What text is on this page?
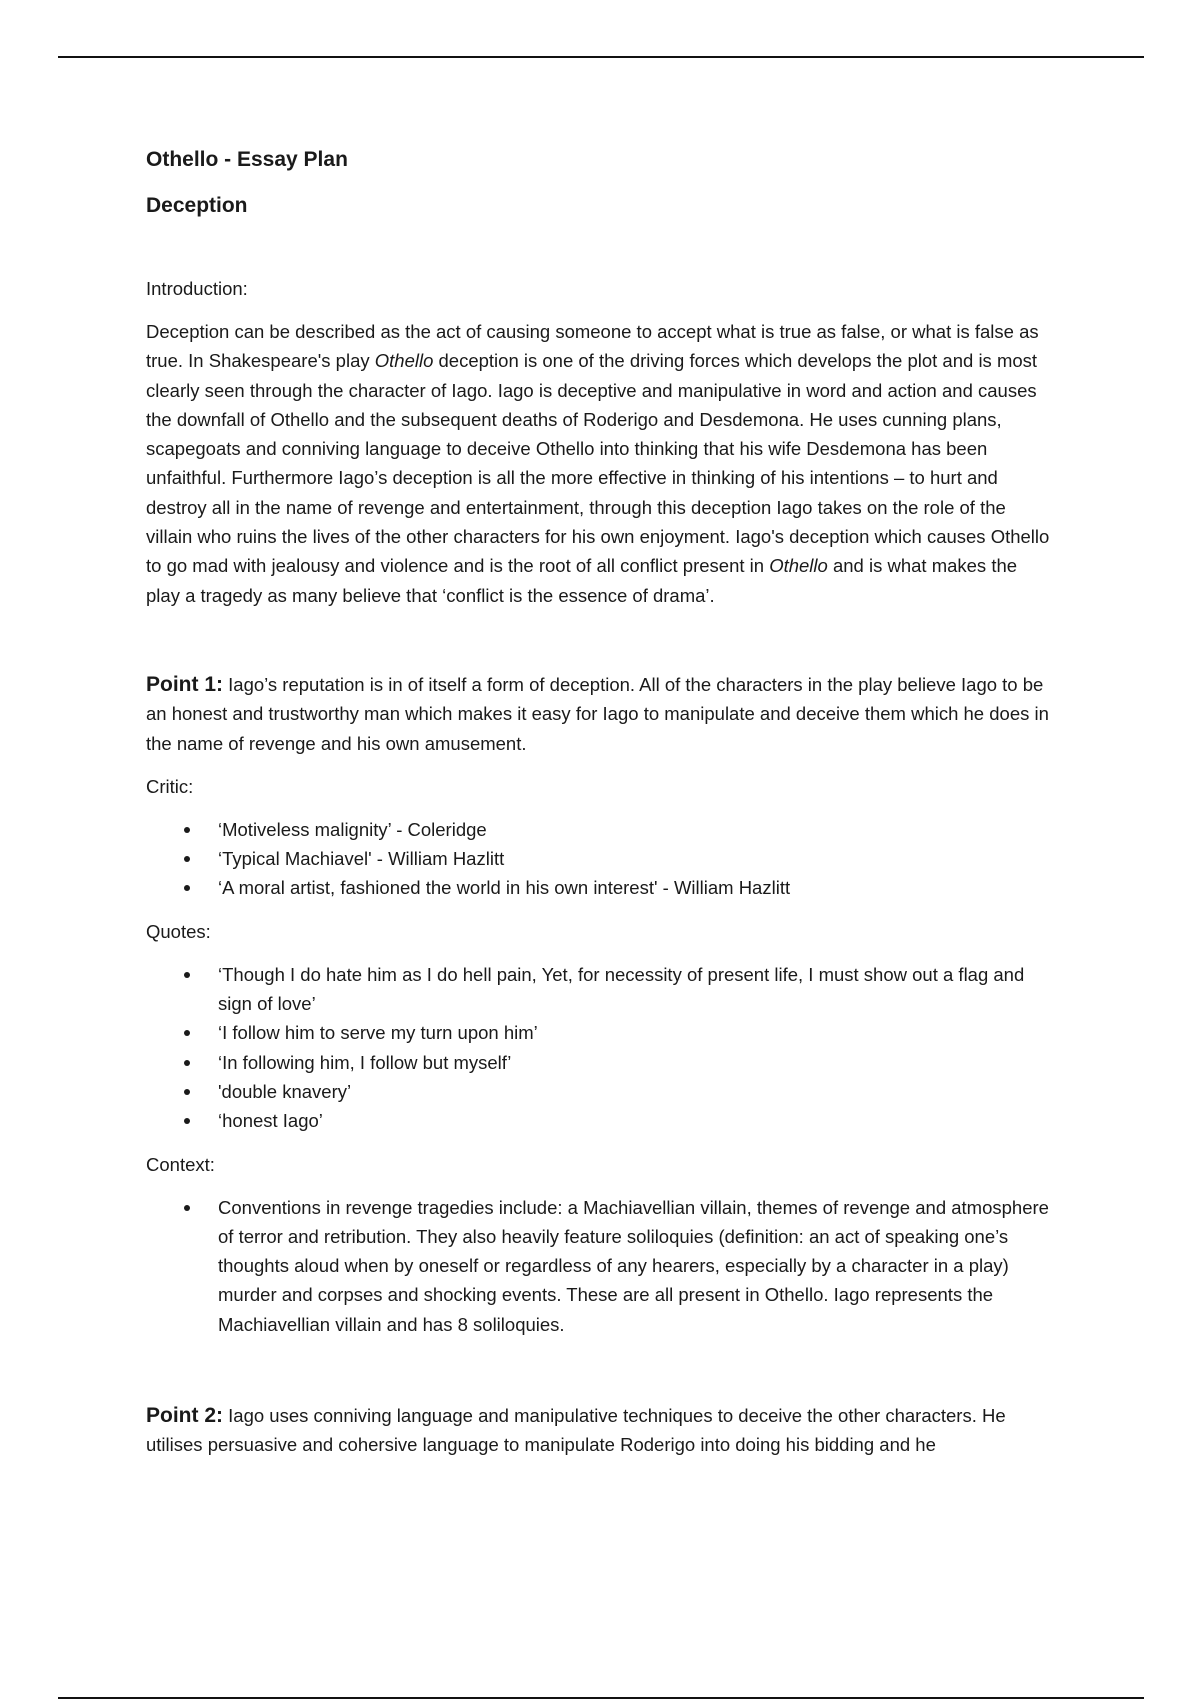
Othello - Essay Plan

Deception

Introduction:

Deception can be described as the act of causing someone to accept what is true as false, or what is false as true. In Shakespeare's play Othello deception is one of the driving forces which develops the plot and is most clearly seen through the character of Iago. Iago is deceptive and manipulative in word and action and causes the downfall of Othello and the subsequent deaths of Roderigo and Desdemona. He uses cunning plans, scapegoats and conniving language to deceive Othello into thinking that his wife Desdemona has been unfaithful. Furthermore Iago’s deception is all the more effective in thinking of his intentions – to hurt and destroy all in the name of revenge and entertainment, through this deception Iago takes on the role of the villain who ruins the lives of the other characters for his own enjoyment. Iago's deception which causes Othello to go mad with jealousy and violence and is the root of all conflict present in Othello and is what makes the play a tragedy as many believe that ‘conflict is the essence of drama’.

Point 1: Iago’s reputation is in of itself a form of deception. All of the characters in the play believe Iago to be an honest and trustworthy man which makes it easy for Iago to manipulate and deceive them which he does in the name of revenge and his own amusement.

Critic:

‘Motiveless malignity’ - Coleridge
‘Typical Machiavel' - William Hazlitt
‘A moral artist, fashioned the world in his own interest' - William Hazlitt

Quotes:

‘Though I do hate him as I do hell pain, Yet, for necessity of present life, I must show out a flag and sign of love’
‘I follow him to serve my turn upon him’
‘In following him, I follow but myself’
'double knavery’
‘honest Iago’

Context:

Conventions in revenge tragedies include: a Machiavellian villain, themes of revenge and atmosphere of terror and retribution. They also heavily feature soliloquies (definition: an act of speaking one’s thoughts aloud when by oneself or regardless of any hearers, especially by a character in a play) murder and corpses and shocking events. These are all present in Othello. Iago represents the Machiavellian villain and has 8 soliloquies.

Point 2: Iago uses conniving language and manipulative techniques to deceive the other characters. He utilises persuasive and cohersive language to manipulate Roderigo into doing his bidding and he
